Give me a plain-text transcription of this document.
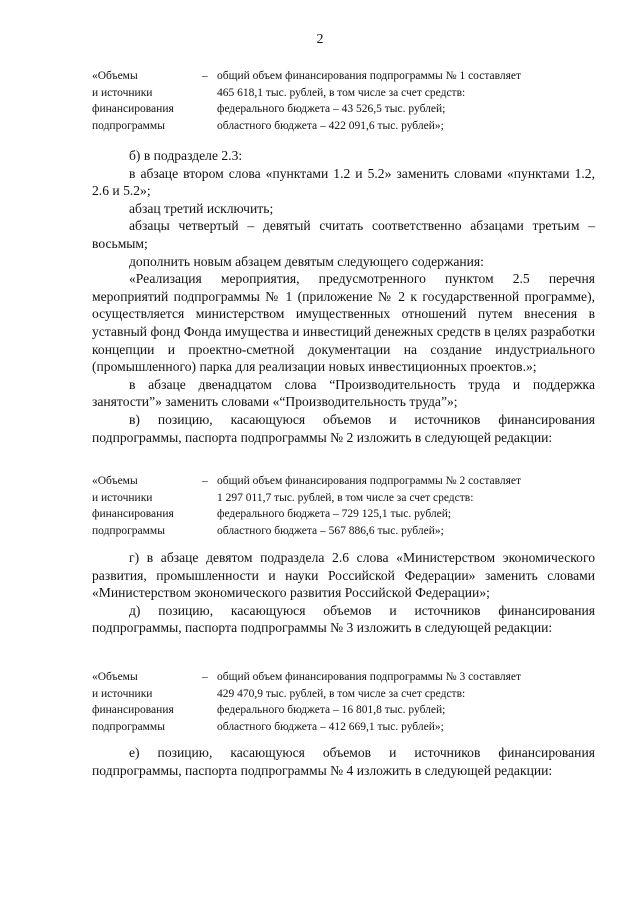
2
«Объемы
и источники
финансирования
подпрограммы
– общий объем финансирования подпрограммы № 1 составляет
465 618,1 тыс. рублей, в том числе за счет средств:
федерального бюджета – 43 526,5 тыс. рублей;
областного бюджета – 422 091,6 тыс. рублей»;

б) в подразделе 2.3:

в абзаце втором слова «пунктами 1.2 и 5.2» заменить словами «пунктами 1.2, 2.6 и 5.2»;

абзац третий исключить;

абзацы четвертый – девятый считать соответственно абзацами третьим – восьмым;

дополнить новым абзацем девятым следующего содержания:

«Реализация мероприятия, предусмотренного пунктом 2.5 перечня мероприятий подпрограммы № 1 (приложение № 2 к государственной программе), осуществляется министерством имущественных отношений путем внесения в уставный фонд Фонда имущества и инвестиций денежных средств в целях разработки концепции и проектно-сметной документации на создание индустриального (промышленного) парка для реализации новых инвестиционных проектов.»;

в абзаце двенадцатом слова “Производительность труда и поддержка занятости”» заменить словами «“Производительность труда”»;

в) позицию, касающуюся объемов и источников финансирования подпрограммы, паспорта подпрограммы № 2 изложить в следующей редакции:

«Объемы
и источники
финансирования
подпрограммы
– общий объем финансирования подпрограммы № 2 составляет
1 297 011,7 тыс. рублей, в том числе за счет средств:
федерального бюджета – 729 125,1 тыс. рублей;
областного бюджета – 567 886,6 тыс. рублей»;

г) в абзаце девятом подраздела 2.6 слова «Министерством экономического развития, промышленности и науки Российской Федерации» заменить словами «Министерством экономического развития Российской Федерации»;

д) позицию, касающуюся объемов и источников финансирования подпрограммы, паспорта подпрограммы № 3 изложить в следующей редакции:

«Объемы
и источники
финансирования
подпрограммы
– общий объем финансирования подпрограммы № 3 составляет
429 470,9 тыс. рублей, в том числе за счет средств:
федерального бюджета – 16 801,8 тыс. рублей;
областного бюджета – 412 669,1 тыс. рублей»;

е) позицию, касающуюся объемов и источников финансирования подпрограммы, паспорта подпрограммы № 4 изложить в следующей редакции:
